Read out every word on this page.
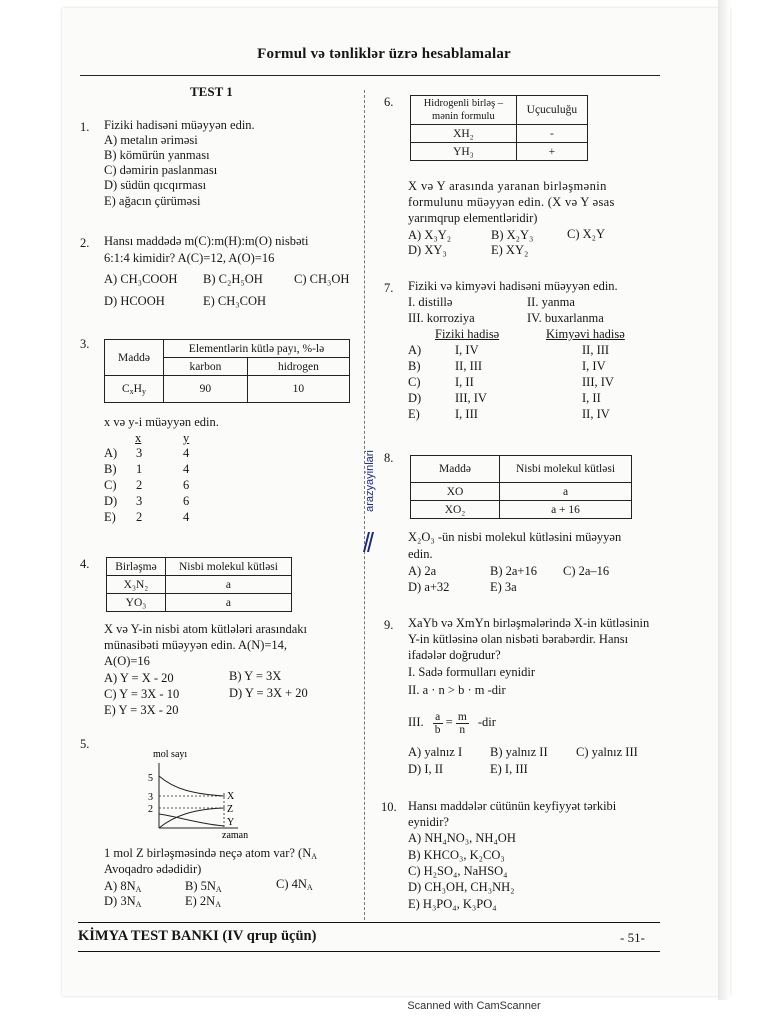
Formul və tənliklər üzrə hesablamalar
TEST 1
1. Fiziki hadisəni müəyyən edin.
A) metalın əriməsi
B) kömürün yanması
C) dəmirin paslanması
D) südün qıcqırması
E) ağacın çürüməsi
2. Hansı maddədə m(C):m(H):m(O) nisbəti
6:1:4 kimidir? A(C)=12, A(O)=16
A) CH₃COOH B) C₂H₅OH C) CH₃OH
D) HCOOH	E) CH₃COH
3.
Maddə	Elementlərin kütlə payı, %-lə	
	karbon	hidrogen
$C_xH_y$	90	10
x və y-i müəyyən edin.
x	y
A) 3	4
B) 1	4
C) 2	6
D) 3	6
E) 2	4
4. Birləşmə	Nisbi molekul kütləsi
X₃N₂	a
YO₃	a
X və Y-in nisbi atom kütlələri arasındakı
münasibəti müəyyən edin. A(N)=14,
A(O)=16
A) Y = X - 20	B) Y = 3X
C) Y = 3X - 10	D) Y = 3X + 20
E) Y = 3X - 20
5.
mol sayı
5
3
2
X
Z
Y
zaman
1 mol Z birləşməsində neçə atom var? ($N_A$
Avoqadro ədədidir)
A) $8N_A$	B) $5N_A$	C) $4N_A$
D) $3N_A$	E) $2N_A$
6.	Hidrogenli birləş –
mənin formulu	Uçuculuğu
XH₂	-
YH₃	+
X və Y arasında yaranan birləşmənin
formulunu müəyyən edin. (X və Y əsas
yarımqrup elementləridir)
A) X₃Y₂	B) X₂Y₃	C) X₂Y
D) XY₃	E) XY₂
7. Fiziki və kimyəvi hadisəni müəyyən edin.
I. distillə	II. yanma
III. korroziya	IV. buxarlanma
Fiziki hadisə	Kimyəvi hadisə
A)	I, IV	II, III
B)	II, III	I, IV
C)	I, II	III, IV
D)	III, IV	I, II
E)	I, III	II, IV
arazyayinlari 8.
Maddə	Nisbi molekul kütləsi
XO	a
XO₂	a + 16
X₂O₃ -ün nisbi molekul kütləsini müəyyən
edin.
A) 2a	B) 2a+16 C) 2a–16
D) a+32	E) 3a
9. XaYb və XmYn birləşmələrində X-in kütləsinin
Y-in kütləsinə olan nisbəti bərabərdir. Hansı
ifadələr doğrudur?
I. Sadə formulları eynidir
II. a · n > b · m -dir
III. $\frac{a}{b} = \frac{m}{n} -dir$
A) yalnız I B) yalnız II C) yalnız III
D) I, II	E) I, III
10. Hansı maddələr cütünün keyfiyyət tərkibi
eynidir?
A) NH₄NO₃, NH₄OH
B) KHCO₃, K₂CO₃
C) H₂SO₄, NaHSO₄
D) CH₃OH, CH₃NH₂
E) H₃PO₄, K₃PO₄
KİMYA TEST BANKI (IV qrup üçün)	- 51-
Scanned with CamScanner
